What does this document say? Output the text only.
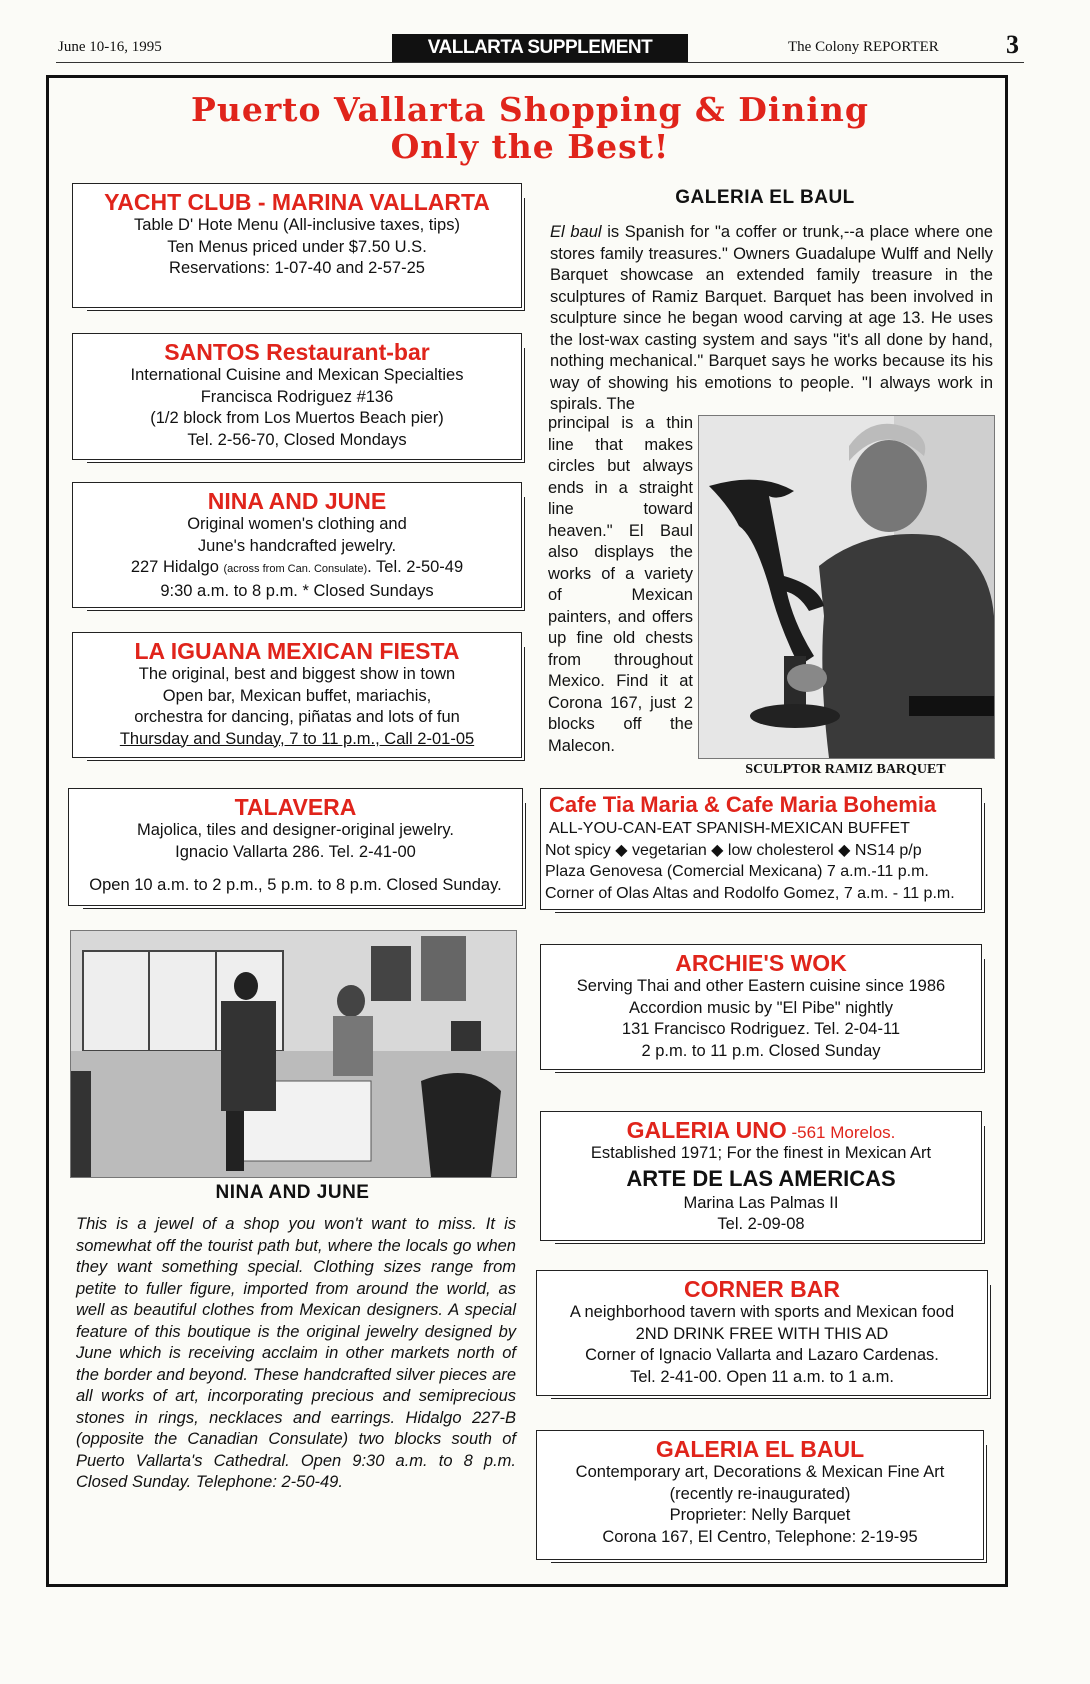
June 10-16, 1995	VALLARTA SUPPLEMENT	The Colony REPORTER	3
Puerto Vallarta Shopping & Dining
Only the Best!
YACHT CLUB - MARINA VALLARTA
Table D' Hote Menu (All-inclusive taxes, tips)
Ten Menus priced under $7.50 U.S.
Reservations: 1-07-40 and 2-57-25
SANTOS Restaurant-bar
International Cuisine and Mexican Specialties
Francisca Rodriguez #136
(1/2 block from Los Muertos Beach pier)
Tel. 2-56-70, Closed Mondays
NINA AND JUNE
Original women's clothing and
June's handcrafted jewelry.
227 Hidalgo (across from Can. Consulate). Tel. 2-50-49
9:30 a.m. to 8 p.m. * Closed Sundays
LA IGUANA MEXICAN FIESTA
The original, best and biggest show in town
Open bar, Mexican buffet, mariachis,
orchestra for dancing, piñatas and lots of fun
Thursday and Sunday, 7 to 11 p.m., Call 2-01-05
TALAVERA
Majolica, tiles and designer-original jewelry.
Ignacio Vallarta 286. Tel. 2-41-00
Open 10 a.m. to 2 p.m., 5 p.m. to 8 p.m. Closed Sunday.
NINA AND JUNE
This is a jewel of a shop you won't want to miss. It is somewhat off the tourist path but, where the locals go when they want something special. Clothing sizes range from petite to fuller figure, imported from around the world, as well as beautiful clothes from Mexican designers. A special feature of this boutique is the original jewelry designed by June which is receiving acclaim in other markets north of the border and beyond. These handcrafted silver pieces are all works of art, incorporating precious and semiprecious stones in rings, necklaces and earrings. Hidalgo 227-B (opposite the Canadian Consulate) two blocks south of Puerto Vallarta's Cathedral. Open 9:30 a.m. to 8 p.m. Closed Sunday. Telephone: 2-50-49.
GALERIA EL BAUL
El baul is Spanish for "a coffer or trunk,--a place where one stores family treasures." Owners Guadalupe Wulff and Nelly Barquet showcase an extended family treasure in the sculptures of Ramiz Barquet. Barquet has been involved in sculpture since he began wood carving at age 13. He uses the lost-wax casting system and says "it's all done by hand, nothing mechanical." Barquet says he works because its his way of showing his emotions to people. "I always work in spirals. The
principal is a thin line that makes circles but always ends in a straight line toward heaven." El Baul also displays the works of a variety of Mexican painters, and offers up fine old chests from throughout Mexico. Find it at Corona 167, just 2 blocks off the Malecon.
SCULPTOR RAMIZ BARQUET
Cafe Tia Maria & Cafe Maria Bohemia
ALL-YOU-CAN-EAT SPANISH-MEXICAN BUFFET
Not spicy ◆ vegetarian ◆ low cholesterol ◆ NS14 p/p
Plaza Genovesa (Comercial Mexicana) 7 a.m.-11 p.m.
Corner of Olas Altas and Rodolfo Gomez, 7 a.m. - 11 p.m.
ARCHIE'S WOK
Serving Thai and other Eastern cuisine since 1986
Accordion music by "El Pibe" nightly
131 Francisco Rodriguez. Tel. 2-04-11
2 p.m. to 11 p.m. Closed Sunday
GALERIA UNO -561 Morelos.
Established 1971; For the finest in Mexican Art
ARTE DE LAS AMERICAS
Marina Las Palmas II
Tel. 2-09-08
CORNER BAR
A neighborhood tavern with sports and Mexican food
2ND DRINK FREE WITH THIS AD
Corner of Ignacio Vallarta and Lazaro Cardenas.
Tel. 2-41-00. Open 11 a.m. to 1 a.m.
GALERIA EL BAUL
Contemporary art, Decorations & Mexican Fine Art
(recently re-inaugurated)
Proprieter: Nelly Barquet
Corona 167, El Centro, Telephone: 2-19-95
